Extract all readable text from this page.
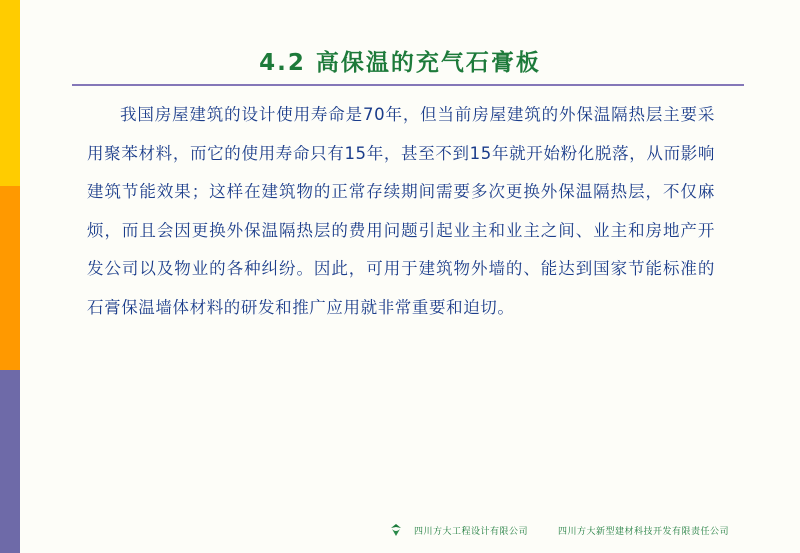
4.2 高保温的充气石膏板

我国房屋建筑的设计使用寿命是70年，但当前房屋建筑的外保温隔热层主要采用聚苯材料，而它的使用寿命只有15年，甚至不到15年就开始粉化脱落，从而影响建筑节能效果；这样在建筑物的正常存续期间需要多次更换外保温隔热层，不仅麻烦，而且会因更换外保温隔热层的费用问题引起业主和业主之间、业主和房地产开发公司以及物业的各种纠纷。因此，可用于建筑物外墙的、能达到国家节能标准的石膏保温墙体材料的研发和推广应用就非常重要和迫切。

四川方大工程设计有限公司	四川方大新型建材科技开发有限责任公司
